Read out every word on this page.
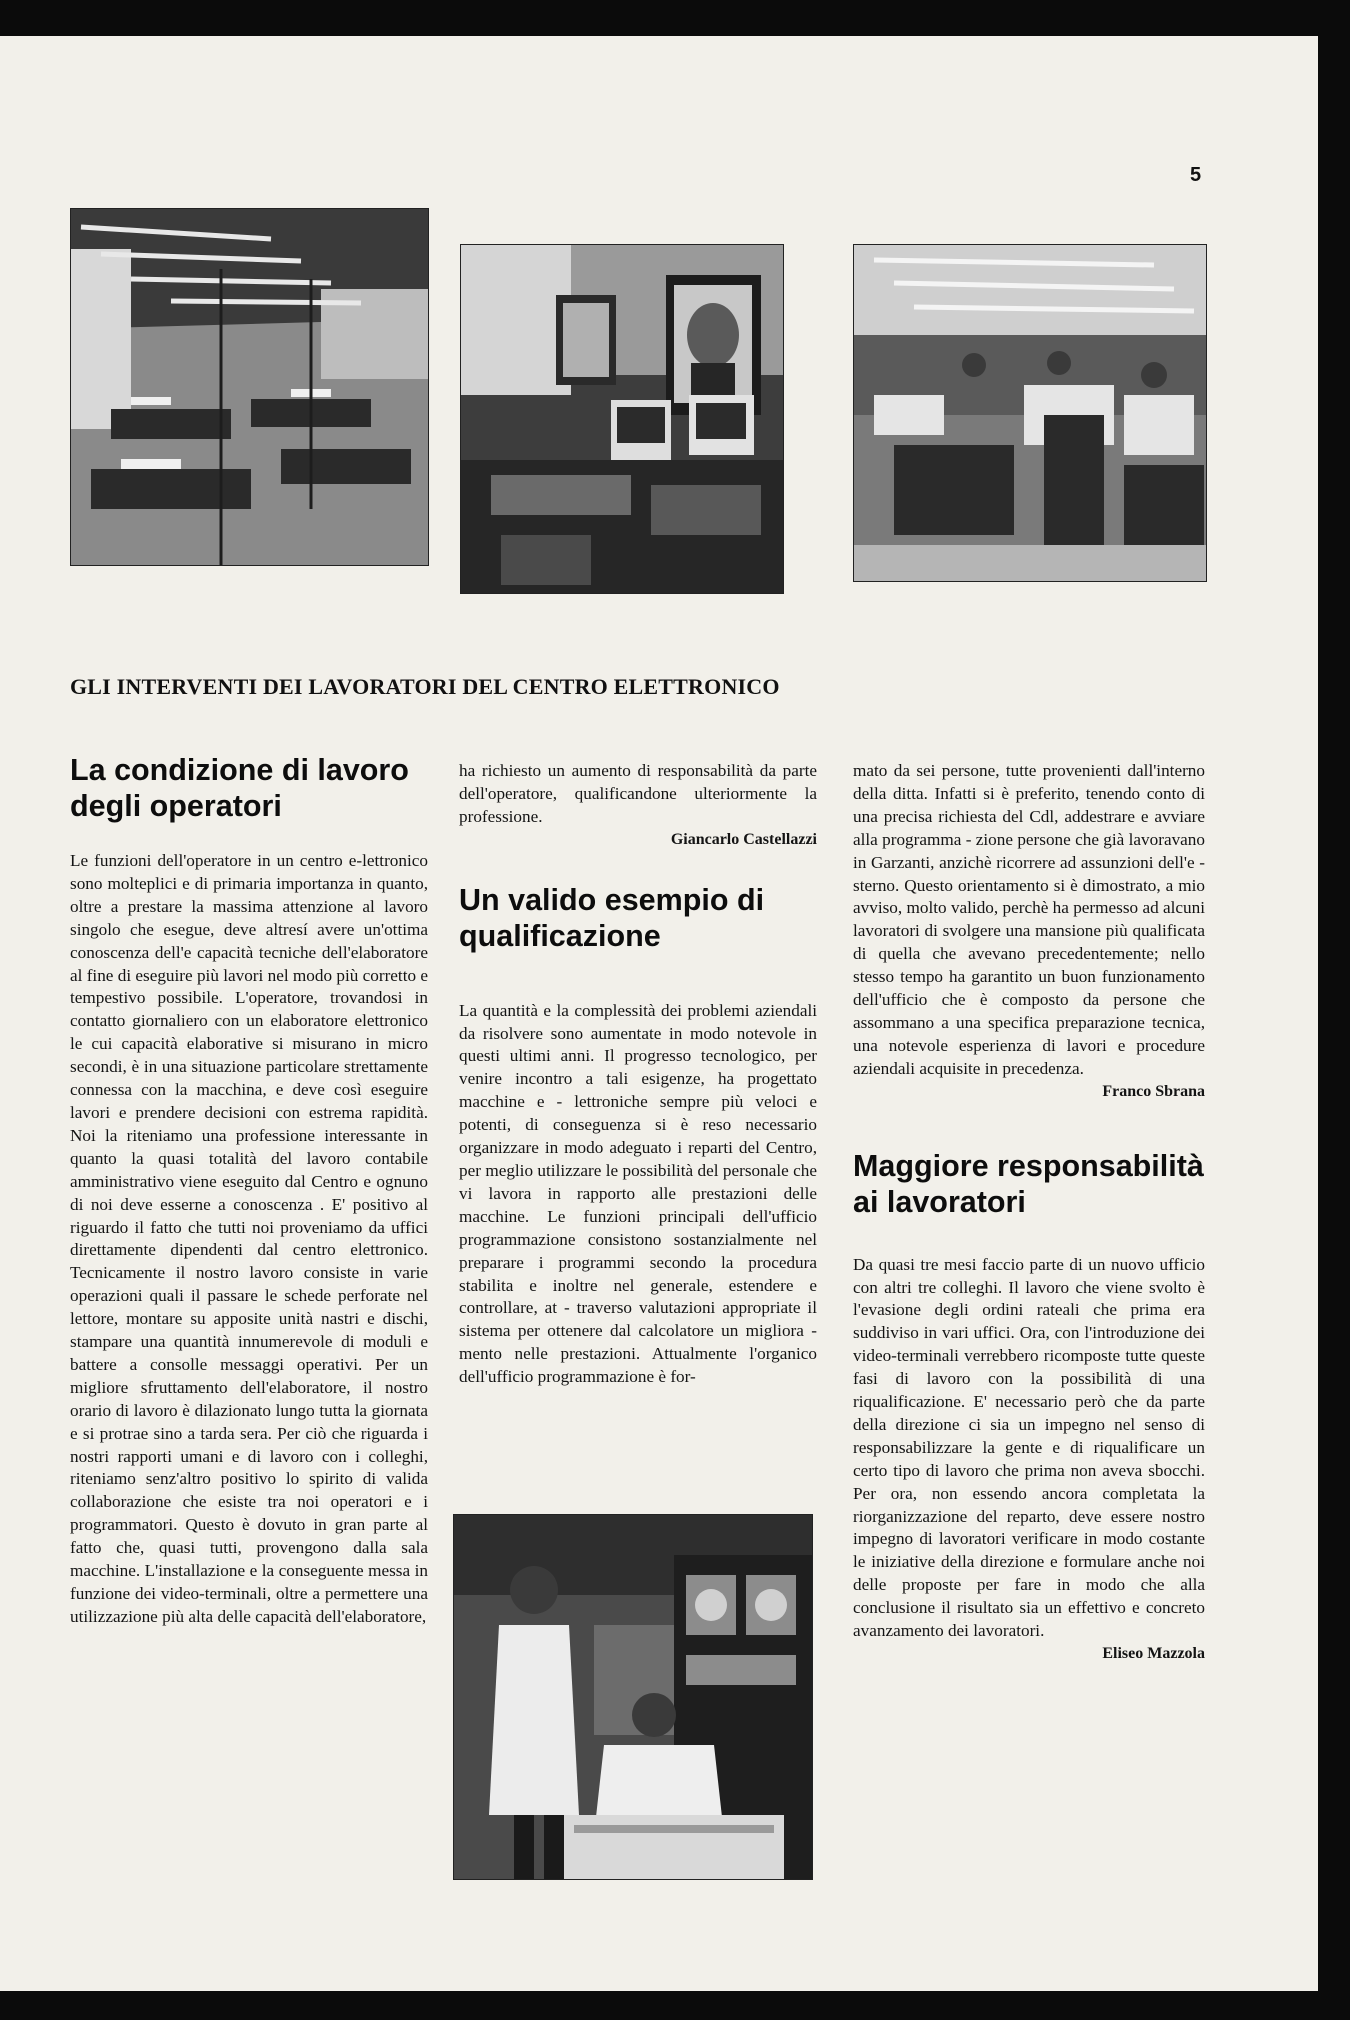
5
GLI INTERVENTI DEI LAVORATORI DEL CENTRO ELETTRONICO
La condizione di lavoro degli operatori

Le funzioni dell'operatore in un centro e-lettronico sono molteplici e di primaria importanza in quanto, oltre a prestare la massima attenzione al lavoro singolo che esegue, deve altresí avere un'ottima conoscenza dell'e capacità tecniche dell'elaboratore al fine di eseguire più lavori nel modo più corretto e tempestivo possibile. L'operatore, trovandosi in contatto giornaliero con un elaboratore elettronico le cui capacità elaborative si misurano in micro secondi, è in una situazione particolare strettamente connessa con la macchina, e deve così eseguire lavori e prendere decisioni con estrema rapidità. Noi la riteniamo una professione interessante in quanto la quasi totalità del lavoro contabile amministrativo viene eseguito dal Centro e ognuno di noi deve esserne a conoscenza . E' positivo al riguardo il fatto che tutti noi proveniamo da uffici direttamente dipendenti dal centro elettronico. Tecnicamente il nostro lavoro consiste in varie operazioni quali il passare le schede perforate nel lettore, montare su apposite unità nastri e dischi, stampare una quantità innumerevole di moduli e battere a consolle messaggi operativi. Per un migliore sfruttamento dell'elaboratore, il nostro orario di lavoro è dilazionato lungo tutta la giornata e si protrae sino a tarda sera. Per ciò che riguarda i nostri rapporti umani e di lavoro con i colleghi, riteniamo senz'altro positivo lo spirito di valida collaborazione che esiste tra noi operatori e i programmatori. Questo è dovuto in gran parte al fatto che, quasi tutti, provengono dalla sala macchine. L'installazione e la conseguente messa in funzione dei video-terminali, oltre a permettere una utilizzazione più alta delle capacità dell'elaboratore,

ha richiesto un aumento di responsabilità da parte dell'operatore, qualificandone ulteriormente la professione.

Giancarlo Castellazzi

Un valido esempio di qualificazione

La quantità e la complessità dei problemi aziendali da risolvere sono aumentate in modo notevole in questi ultimi anni. Il progresso tecnologico, per venire incontro a tali esigenze, ha progettato macchine e - lettroniche sempre più veloci e potenti, di conseguenza si è reso necessario organizzare in modo adeguato i reparti del Centro, per meglio utilizzare le possibilità del personale che vi lavora in rapporto alle prestazioni delle macchine. Le funzioni principali dell'ufficio programmazione consistono sostanzialmente nel preparare i programmi secondo la procedura stabilita e inoltre nel generale, estendere e controllare, at - traverso valutazioni appropriate il sistema per ottenere dal calcolatore un migliora - mento nelle prestazioni. Attualmente l'organico dell'ufficio programmazione è for-

mato da sei persone, tutte provenienti dall'interno della ditta. Infatti si è preferito, tenendo conto di una precisa richiesta del Cdl, addestrare e avviare alla programma - zione persone che già lavoravano in Garzanti, anzichè ricorrere ad assunzioni dell'e - sterno. Questo orientamento si è dimostrato, a mio avviso, molto valido, perchè ha permesso ad alcuni lavoratori di svolgere una mansione più qualificata di quella che avevano precedentemente; nello stesso tempo ha garantito un buon funzionamento dell'ufficio che è composto da persone che assommano a una specifica preparazione tecnica, una notevole esperienza di lavori e procedure aziendali acquisite in precedenza.

Franco Sbrana

Maggiore responsabilità ai lavoratori

Da quasi tre mesi faccio parte di un nuovo ufficio con altri tre colleghi. Il lavoro che viene svolto è l'evasione degli ordini rateali che prima era suddiviso in vari uffici. Ora, con l'introduzione dei video-terminali verrebbero ricomposte tutte queste fasi di lavoro con la possibilità di una riqualificazione. E' necessario però che da parte della direzione ci sia un impegno nel senso di responsabilizzare la gente e di riqualificare un certo tipo di lavoro che prima non aveva sbocchi. Per ora, non essendo ancora completata la riorganizzazione del reparto, deve essere nostro impegno di lavoratori verificare in modo costante le iniziative della direzione e formulare anche noi delle proposte per fare in modo che alla conclusione il risultato sia un effettivo e concreto avanzamento dei lavoratori.

Eliseo Mazzola
